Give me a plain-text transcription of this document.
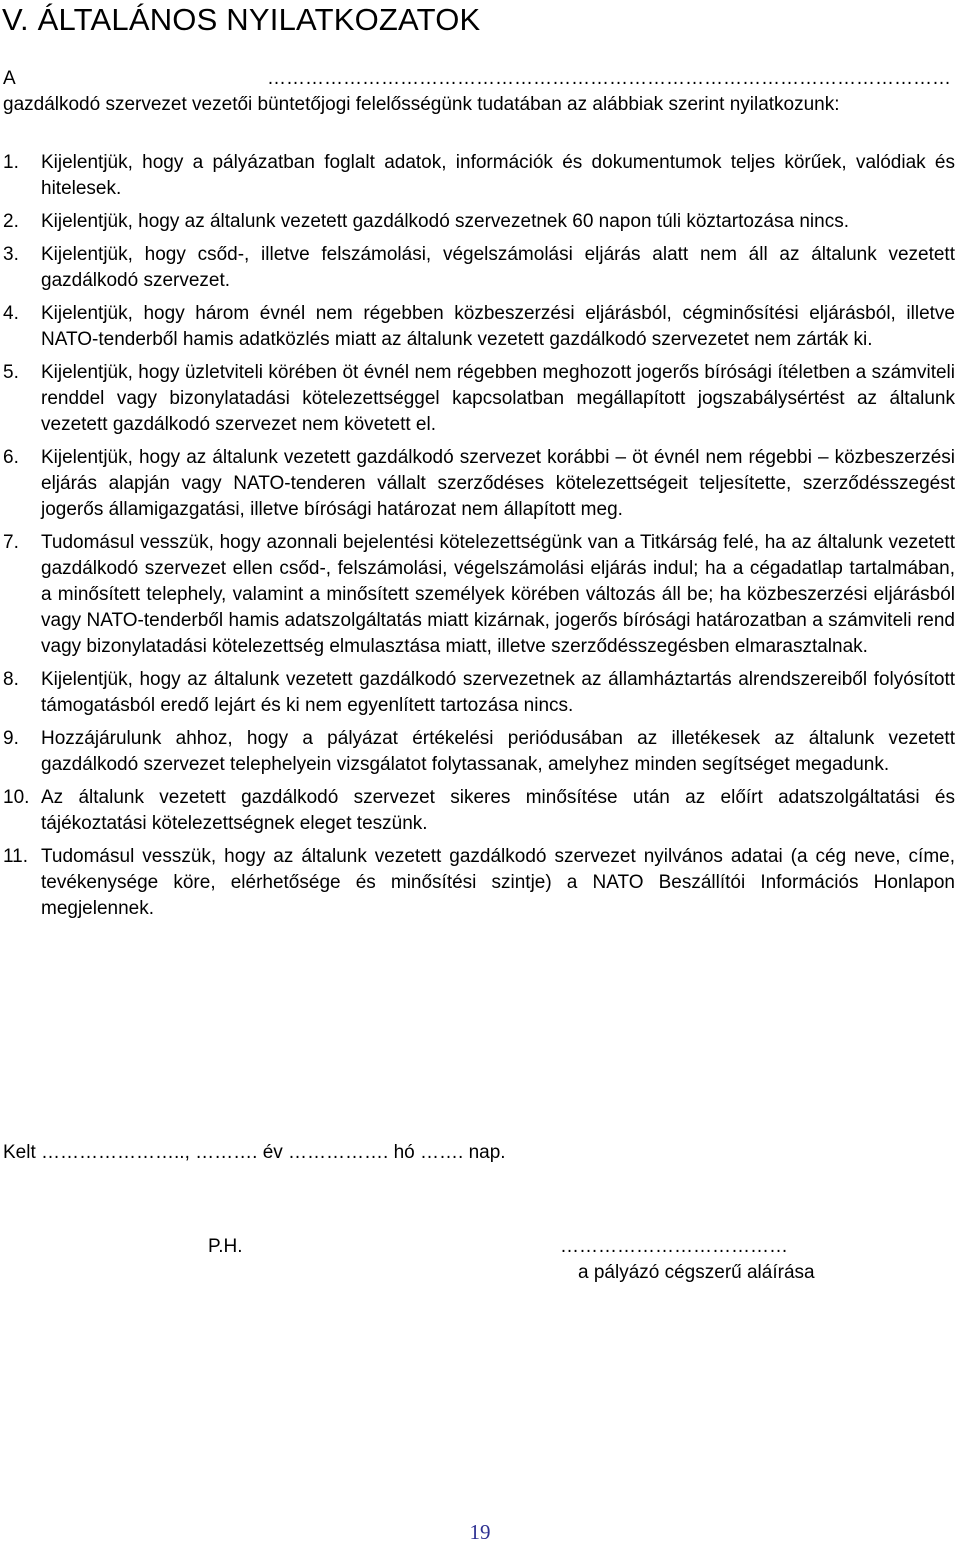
V. ÁLTALÁNOS NYILATKOZATOK
A	………………………………………………………………………………………………
gazdálkodó szervezet vezetői büntetőjogi felelősségünk tudatában az alábbiak szerint nyilatkozunk:
1.	Kijelentjük, hogy a pályázatban foglalt adatok, információk és dokumentumok teljes körűek, valódiak és hitelesek.
2.	Kijelentjük, hogy az általunk vezetett gazdálkodó szervezetnek 60 napon túli köztartozása nincs.
3.	Kijelentjük, hogy csőd-, illetve felszámolási, végelszámolási eljárás alatt nem áll az általunk vezetett gazdálkodó szervezet.
4.	Kijelentjük, hogy három évnél nem régebben közbeszerzési eljárásból, cégminősítési eljárásból, illetve NATO-tenderből hamis adatközlés miatt az általunk vezetett gazdálkodó szervezetet nem zárták ki.
5.	Kijelentjük, hogy üzletviteli körében öt évnél nem régebben meghozott jogerős bírósági ítéletben a számviteli renddel vagy bizonylatadási kötelezettséggel kapcsolatban megállapított jogszabálysértést az általunk vezetett gazdálkodó szervezet nem követett el.
6.	Kijelentjük, hogy az általunk vezetett gazdálkodó szervezet korábbi – öt évnél nem régebbi – közbeszerzési eljárás alapján vagy NATO-tenderen vállalt szerződéses kötelezettségeit teljesítette, szerződésszegést jogerős államigazgatási, illetve bírósági határozat nem állapított meg.
7.	Tudomásul vesszük, hogy azonnali bejelentési kötelezettségünk van a Titkárság felé, ha az általunk vezetett gazdálkodó szervezet ellen csőd-, felszámolási, végelszámolási eljárás indul; ha a cégadatlap tartalmában, a minősített telephely, valamint a minősített személyek körében változás áll be; ha közbeszerzési eljárásból vagy NATO-tenderből hamis adatszolgáltatás miatt kizárnak, jogerős bírósági határozatban a számviteli rend vagy bizonylatadási kötelezettség elmulasztása miatt, illetve szerződésszegésben elmarasztalnak.
8.	Kijelentjük, hogy az általunk vezetett gazdálkodó szervezetnek az államháztartás alrendszereiből folyósított támogatásból eredő lejárt és ki nem egyenlített tartozása nincs.
9.	Hozzájárulunk ahhoz, hogy a pályázat értékelési periódusában az illetékesek az általunk vezetett gazdálkodó szervezet telephelyein vizsgálatot folytassanak, amelyhez minden segítséget megadunk.
10. Az általunk vezetett gazdálkodó szervezet sikeres minősítése után az előírt adatszolgáltatási és tájékoztatási kötelezettségnek eleget teszünk.
11. Tudomásul vesszük, hogy az általunk vezetett gazdálkodó szervezet nyilvános adatai (a cég neve, címe, tevékenysége köre, elérhetősége és minősítési szintje) a NATO Beszállítói Információs Honlapon megjelennek.
Kelt ………………….., ………. év ……………. hó ……. nap.
P.H.	………………………………
a pályázó cégszerű aláírása
19
